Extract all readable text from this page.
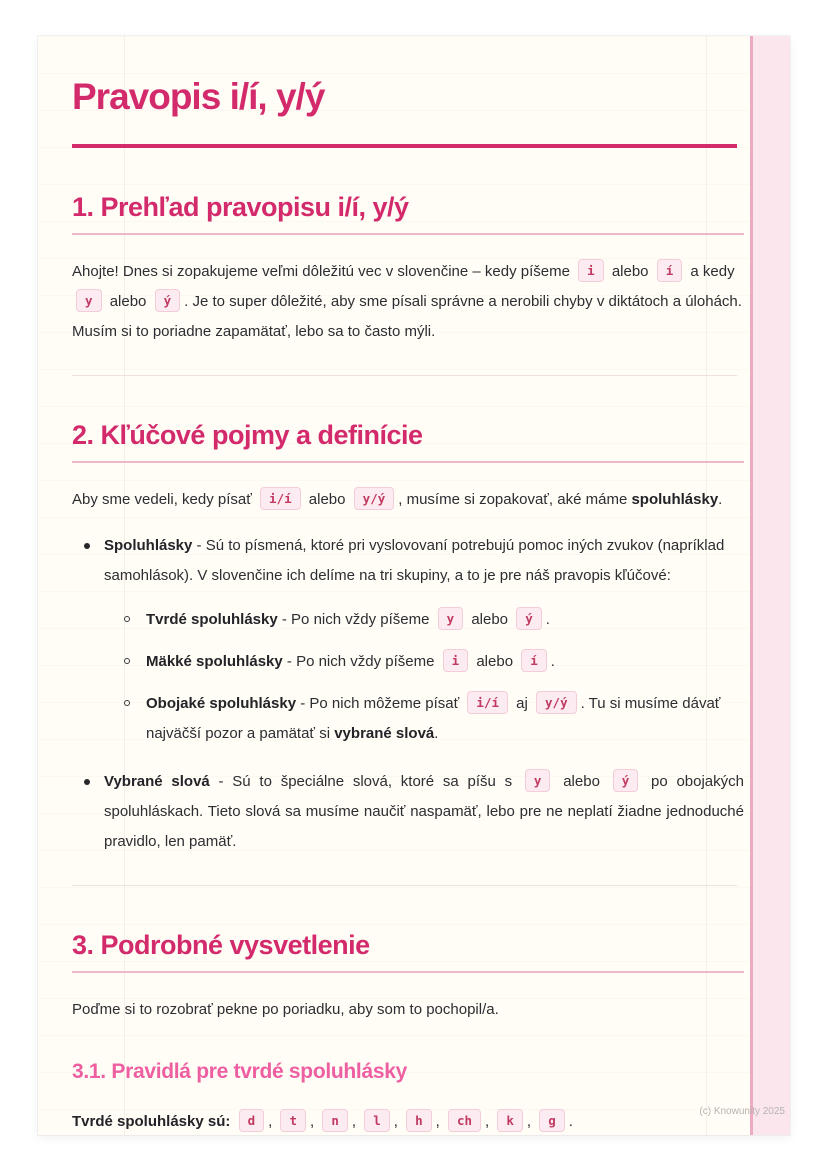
Pravopis i/í, y/ý
1. Prehľad pravopisu i/í, y/ý
Ahojte! Dnes si zopakujeme veľmi dôležitú vec v slovenčine – kedy píšeme i alebo í a kedy y alebo ý . Je to super dôležité, aby sme písali správne a nerobili chyby v diktátoch a úlohách. Musím si to poriadne zapamätať, lebo sa to často mýli.
2. Kľúčové pojmy a definície
Aby sme vedeli, kedy písať i/í alebo y/ý , musíme si zopakovať, aké máme spoluhlásky.
Spoluhlásky - Sú to písmená, ktoré pri vyslovovaní potrebujú pomoc iných zvukov (napríklad samohlások). V slovenčine ich delíme na tri skupiny, a to je pre náš pravopis kľúčové:
Tvrdé spoluhlásky - Po nich vždy píšeme y alebo ý .
Mäkké spoluhlásky - Po nich vždy píšeme i alebo í .
Obojaké spoluhlásky - Po nich môžeme písať i/í aj y/ý . Tu si musíme dávať najväčší pozor a pamätať si vybrané slová.
Vybrané slová - Sú to špeciálne slová, ktoré sa píšu s y alebo ý po obojakých spoluhláskach. Tieto slová sa musíme naučiť naspamäť, lebo pre ne neplatí žiadne jednoduché pravidlo, len pamäť.
3. Podrobné vysvetlenie
Poďme si to rozobrať pekne po poriadku, aby som to pochopil/a.
3.1. Pravidlá pre tvrdé spoluhlásky
Tvrdé spoluhlásky sú: d , t , n , l , h , ch , k , g .
(c) Knowunity 2025
